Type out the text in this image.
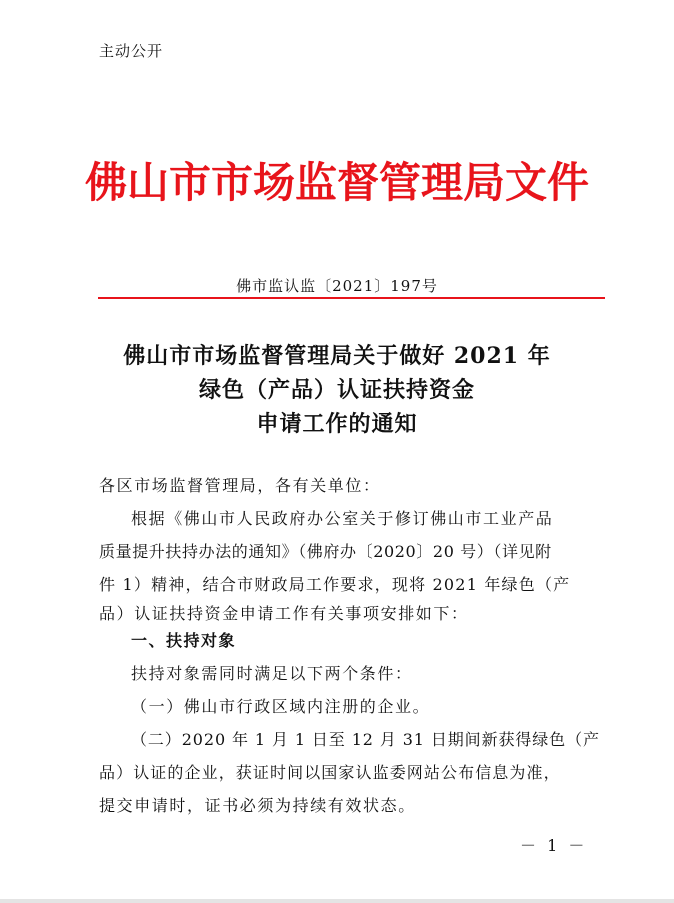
主动公开
佛山市市场监督管理局文件
佛市监认监〔2021〕197号
佛山市市场监督管理局关于做好 2021 年
绿色（产品）认证扶持资金
申请工作的通知
各区市场监督管理局，各有关单位：
根据《佛山市人民政府办公室关于修订佛山市工业产品
质量提升扶持办法的通知》（佛府办〔2020〕20 号）（详见附
件 1）精神，结合市财政局工作要求，现将 2021 年绿色（产
品）认证扶持资金申请工作有关事项安排如下：
一、扶持对象
扶持对象需同时满足以下两个条件：
（一）佛山市行政区域内注册的企业。
（二）2020 年 1 月 1 日至 12 月 31 日期间新获得绿色（产
品）认证的企业，获证时间以国家认监委网站公布信息为准，
提交申请时，证书必须为持续有效状态。
－ 1 －
